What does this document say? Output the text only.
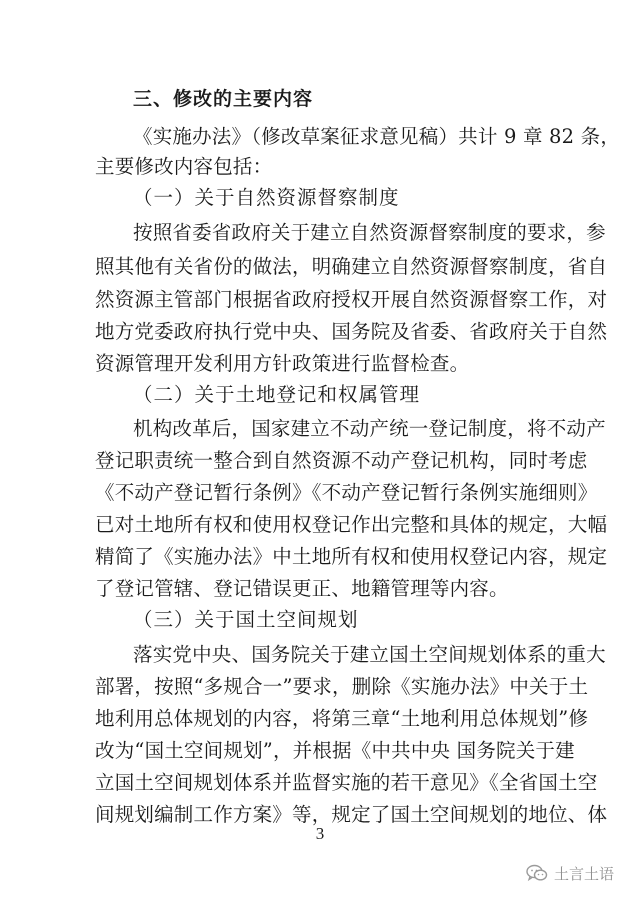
三、修改的主要内容
《实施办法》（修改草案征求意见稿）共计 9 章 82 条，
主要修改内容包括：
（一）关于自然资源督察制度
按照省委省政府关于建立自然资源督察制度的要求，参
照其他有关省份的做法，明确建立自然资源督察制度，省自
然资源主管部门根据省政府授权开展自然资源督察工作，对
地方党委政府执行党中央、国务院及省委、省政府关于自然
资源管理开发利用方针政策进行监督检查。
（二）关于土地登记和权属管理
机构改革后，国家建立不动产统一登记制度，将不动产
登记职责统一整合到自然资源不动产登记机构，同时考虑
《不动产登记暂行条例》《不动产登记暂行条例实施细则》
已对土地所有权和使用权登记作出完整和具体的规定，大幅
精简了《实施办法》中土地所有权和使用权登记内容，规定
了登记管辖、登记错误更正、地籍管理等内容。
（三）关于国土空间规划
落实党中央、国务院关于建立国土空间规划体系的重大
部署，按照“多规合一”要求，删除《实施办法》中关于土
地利用总体规划的内容，将第三章“土地利用总体规划”修
改为“国土空间规划”，并根据《中共中央 国务院关于建
立国土空间规划体系并监督实施的若干意见》《全省国土空
间规划编制工作方案》等，规定了国土空间规划的地位、体
3
土言土语
